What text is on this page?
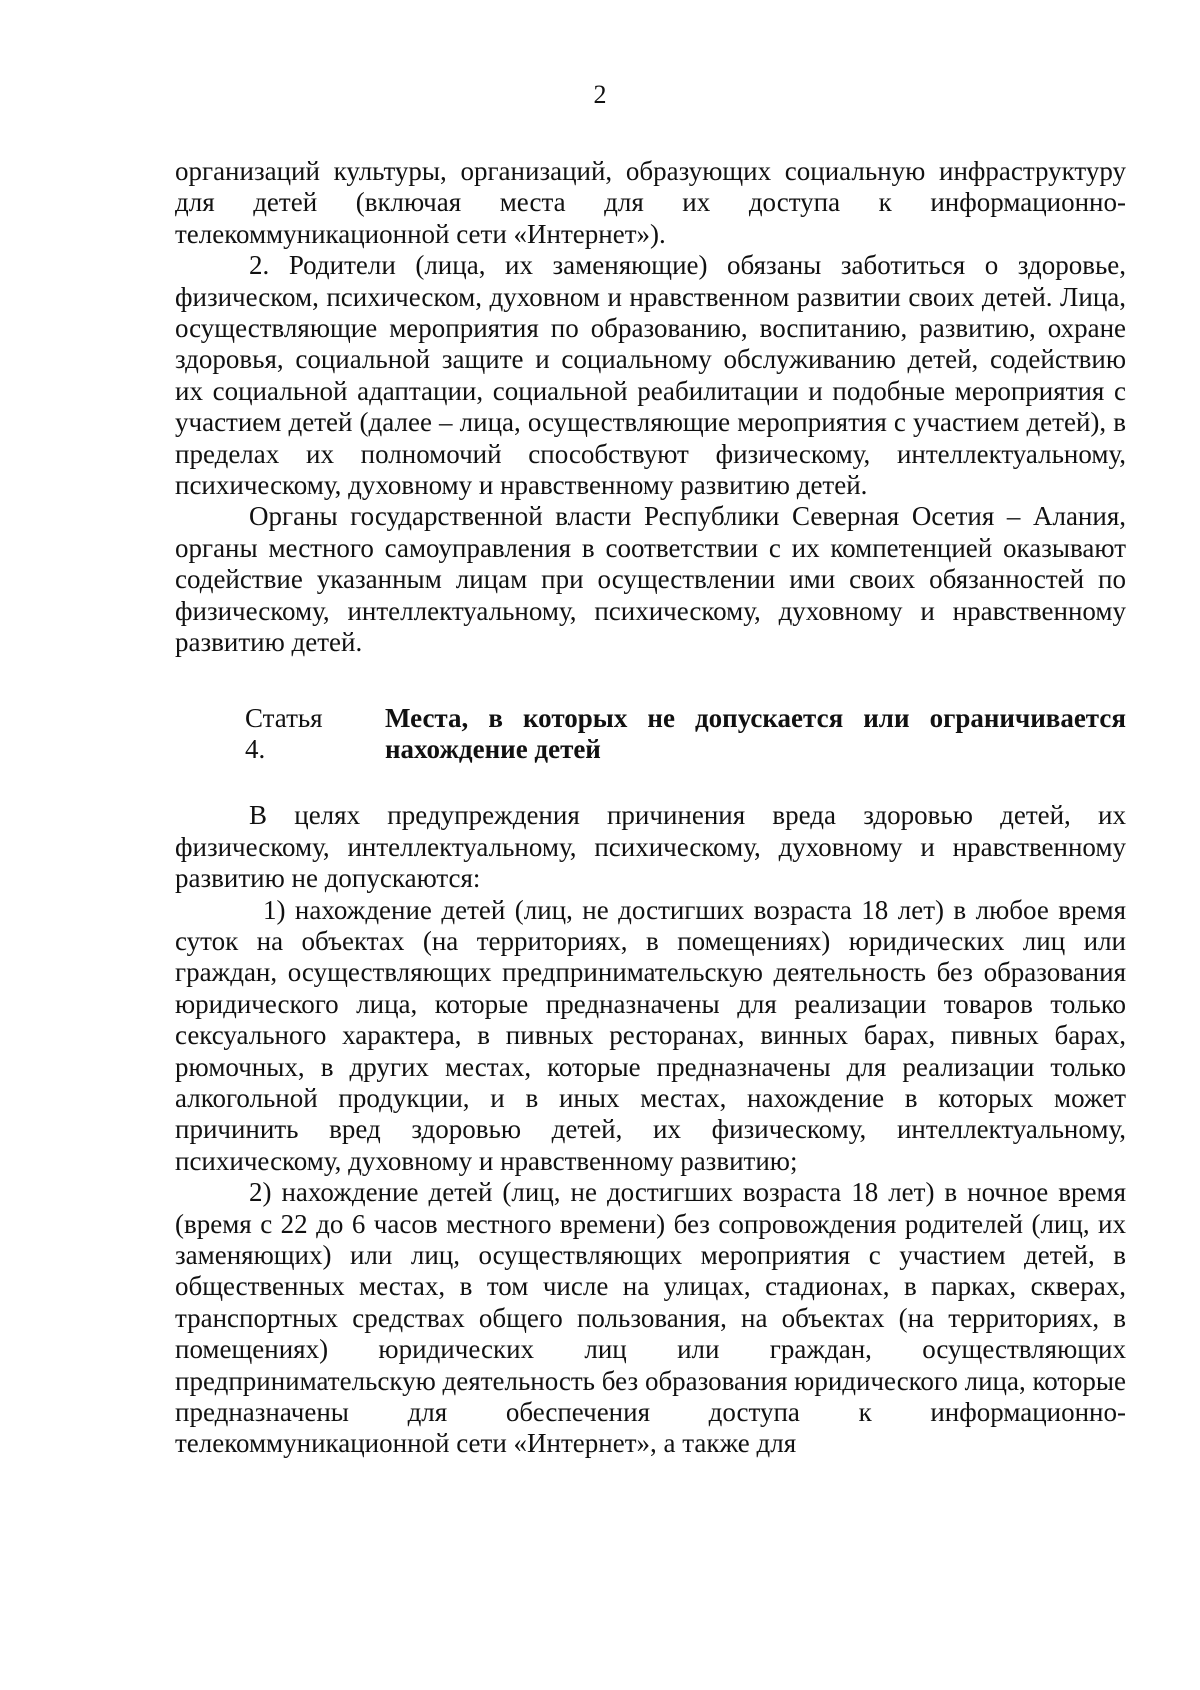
2

организаций культуры, организаций, образующих социальную инфраструктуру для детей (включая места для их доступа к информационно-телекоммуникационной сети «Интернет»).

2. Родители (лица, их заменяющие) обязаны заботиться о здоровье, физическом, психическом, духовном и нравственном развитии своих детей. Лица, осуществляющие мероприятия по образованию, воспитанию, развитию, охране здоровья, социальной защите и социальному обслуживанию детей, содействию их социальной адаптации, социальной реабилитации и подобные мероприятия с участием детей (далее – лица, осуществляющие мероприятия с участием детей), в пределах их полномочий способствуют физическому, интеллектуальному, психическому, духовному и нравственному развитию детей.

Органы государственной власти Республики Северная Осетия – Алания, органы местного самоуправления в соответствии с их компетенцией оказывают содействие указанным лицам при осуществлении ими своих обязанностей по физическому, интеллектуальному, психическому, духовному и нравственному развитию детей.

Статья 4.
Места, в которых не допускается или ограничивается нахождение детей

В целях предупреждения причинения вреда здоровью детей, их физическому, интеллектуальному, психическому, духовному и нравственному развитию не допускаются:

1) нахождение детей (лиц, не достигших возраста 18 лет) в любое время суток на объектах (на территориях, в помещениях) юридических лиц или граждан, осуществляющих предпринимательскую деятельность без образования юридического лица, которые предназначены для реализации товаров только сексуального характера, в пивных ресторанах, винных барах, пивных барах, рюмочных, в других местах, которые предназначены для реализации только алкогольной продукции, и в иных местах, нахождение в которых может причинить вред здоровью детей, их физическому, интеллектуальному, психическому, духовному и нравственному развитию;

2) нахождение детей (лиц, не достигших возраста 18 лет) в ночное время (время с 22 до 6 часов местного времени) без сопровождения родителей (лиц, их заменяющих) или лиц, осуществляющих мероприятия с участием детей, в общественных местах, в том числе на улицах, стадионах, в парках, скверах, транспортных средствах общего пользования, на объектах (на территориях, в помещениях) юридических лиц или граждан, осуществляющих предпринимательскую деятельность без образования юридического лица, которые предназначены для обеспечения доступа к информационно-телекоммуникационной сети «Интернет», а также для
